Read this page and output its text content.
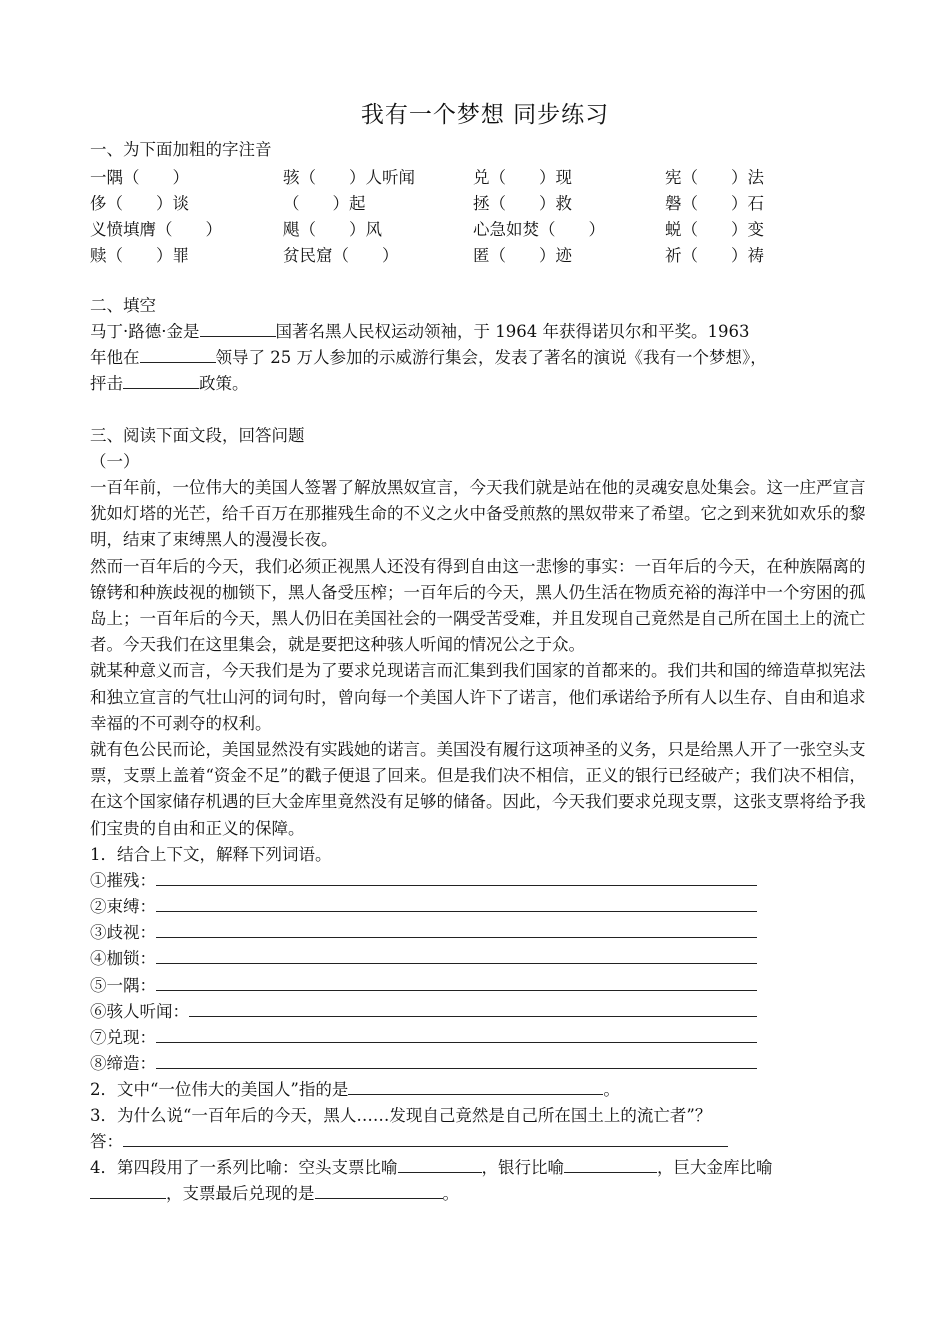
我有一个梦想 同步练习
一、为下面加粗的字注音
一隅（　　）	骇（　　）人听闻	兑（　　）现	宪（　　）法
侈（　　）谈	（　　）起	拯（　　）救	磐（　　）石
义愤填膺（　　）	飓（　　）风	心急如焚（　　）	蜕（　　）变
赎（　　）罪	贫民窟（　　）	匿（　　）迹	祈（　　）祷
二、填空
马丁·路德·金是	国著名黑人民权运动领袖，于 1964 年获得诺贝尔和平奖。1963
年他在	领导了 25 万人参加的示威游行集会，发表了著名的演说《我有一个梦想》，
抨击	政策。
三、阅读下面文段，回答问题
（一）
一百年前，一位伟大的美国人签署了解放黑奴宣言，今天我们就是站在他的灵魂安息处集会。这一庄严宣言犹如灯塔的光芒，给千百万在那摧残生命的不义之火中备受煎熬的黑奴带来了希望。它之到来犹如欢乐的黎明，结束了束缚黑人的漫漫长夜。
然而一百年后的今天，我们必须正视黑人还没有得到自由这一悲惨的事实：一百年后的今天，在种族隔离的镣铐和种族歧视的枷锁下，黑人备受压榨；一百年后的今天，黑人仍生活在物质充裕的海洋中一个穷困的孤岛上；一百年后的今天，黑人仍旧在美国社会的一隅受苦受难，并且发现自己竟然是自己所在国土上的流亡者。今天我们在这里集会，就是要把这种骇人听闻的情况公之于众。
就某种意义而言，今天我们是为了要求兑现诺言而汇集到我们国家的首都来的。我们共和国的缔造草拟宪法和独立宣言的气壮山河的词句时，曾向每一个美国人许下了诺言，他们承诺给予所有人以生存、自由和追求幸福的不可剥夺的权利。
就有色公民而论，美国显然没有实践她的诺言。美国没有履行这项神圣的义务，只是给黑人开了一张空头支票，支票上盖着“资金不足”的戳子便退了回来。但是我们决不相信，正义的银行已经破产；我们决不相信，在这个国家储存机遇的巨大金库里竟然没有足够的储备。因此，今天我们要求兑现支票，这张支票将给予我们宝贵的自由和正义的保障。
1．结合上下文，解释下列词语。
①摧残：
②束缚：
③歧视：
④枷锁：
⑤一隅：
⑥骇人听闻：
⑦兑现：
⑧缔造：
2．文中“一位伟大的美国人”指的是	。
3．为什么说“一百年后的今天，黑人……发现自己竟然是自己所在国土上的流亡者”？
答：
4．第四段用了一系列比喻：空头支票比喻	，银行比喻	，巨大金库比喻
，支票最后兑现的是	。
